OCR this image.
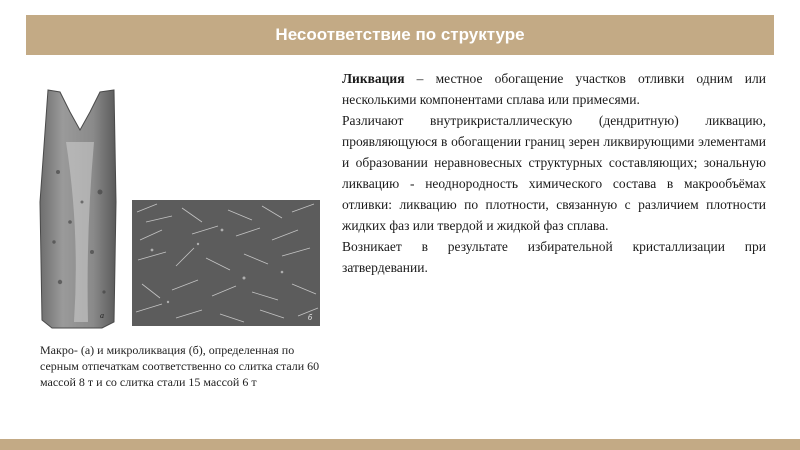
Несоответствие по структуре
а	б
Макро- (а) и микроликвация (б), определенная по серным отпечаткам соответственно со слитка стали 60 массой 8 т и со слитка стали 15 массой 6 т

Ликвация – местное обогащение участков отливки одним или несколькими компонентами сплава или примесями.

Различают внутрикристаллическую (дендритную) ликвацию, проявляющуюся в обогащении границ зерен ликвирующими элементами и образовании неравновесных структурных составляющих; зональную ликвацию - неоднородность химического состава в макрообъёмах отливки: ликвацию по плотности, связанную с различием плотности жидких фаз или твердой и жидкой фаз сплава.

Возникает в результате избирательной кристаллизации при затвердевании.
